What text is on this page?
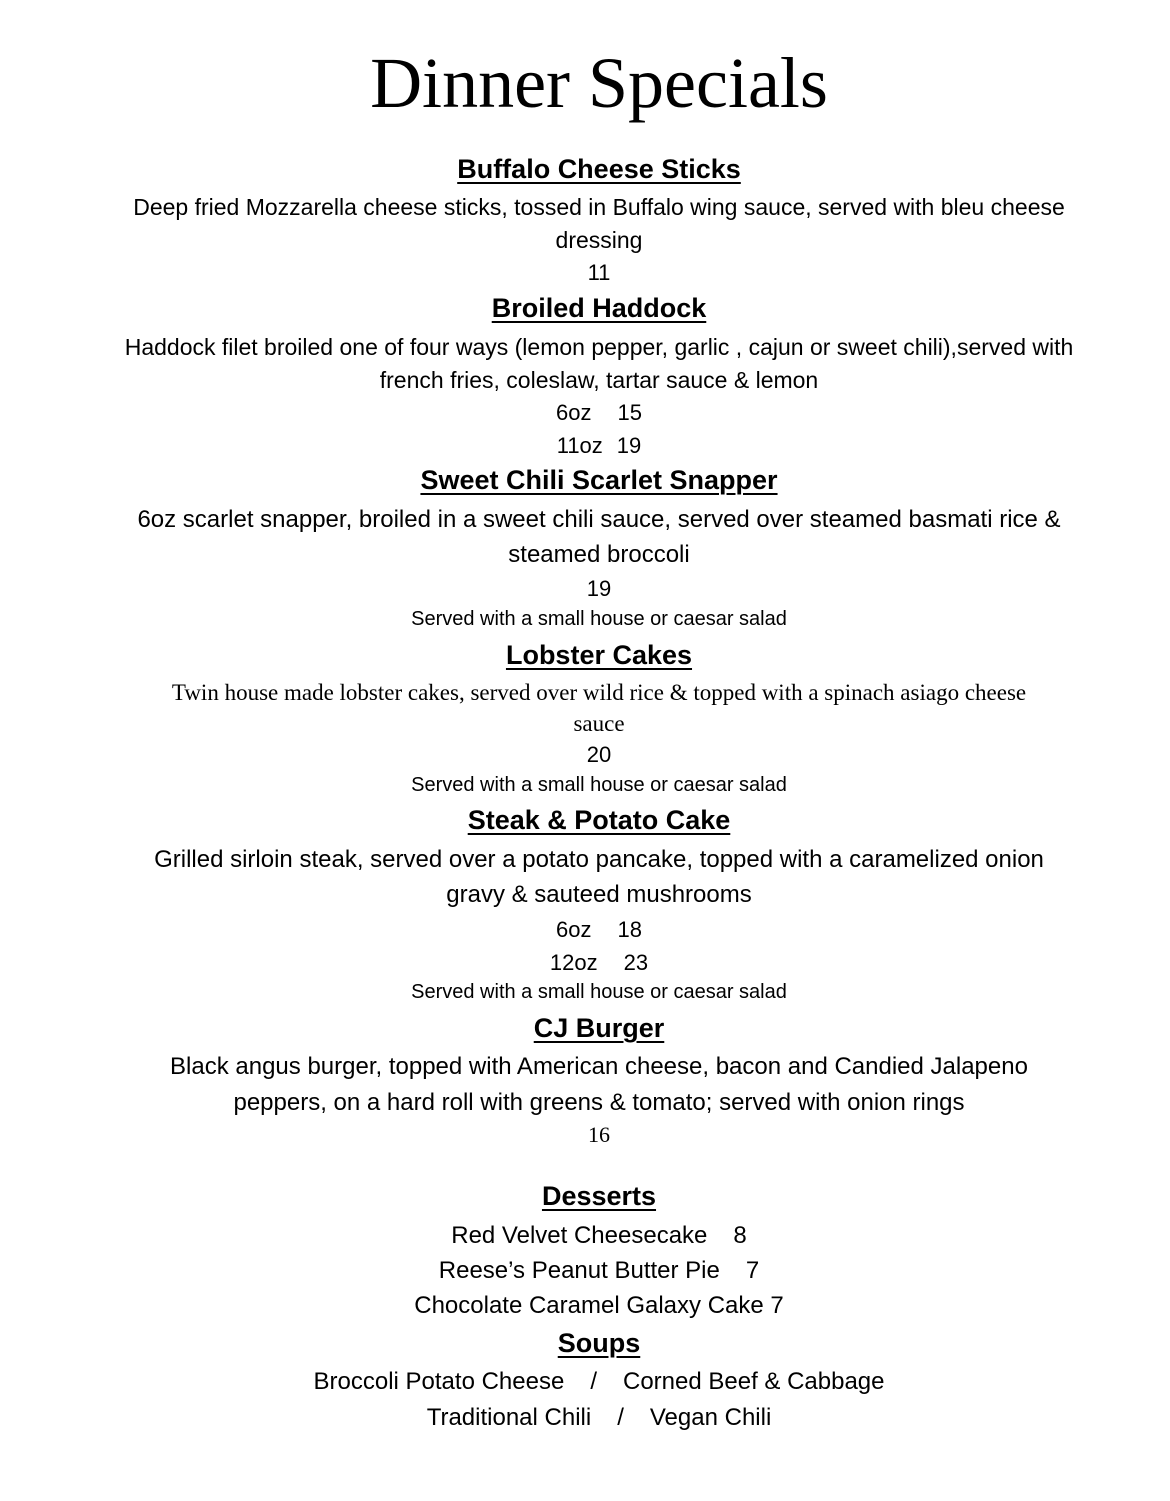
Dinner Specials
Buffalo Cheese Sticks
Deep fried Mozzarella cheese sticks, tossed in Buffalo wing sauce, served with bleu cheese
dressing
11
Broiled Haddock
Haddock filet broiled one of four ways (lemon pepper, garlic , cajun or sweet chili),served with
french fries, coleslaw, tartar sauce & lemon
6oz 15
11oz 19
Sweet Chili Scarlet Snapper
6oz scarlet snapper, broiled in a sweet chili sauce, served over steamed basmati rice &
steamed broccoli
19
Served with a small house or caesar salad
Lobster Cakes
Twin house made lobster cakes, served over wild rice & topped with a spinach asiago cheese
sauce
20
Served with a small house or caesar salad
Steak & Potato Cake
Grilled sirloin steak, served over a potato pancake, topped with a caramelized onion
gravy & sauteed mushrooms
6oz 18
12oz 23
Served with a small house or caesar salad
CJ Burger
Black angus burger, topped with American cheese, bacon and Candied Jalapeno
peppers, on a hard roll with greens & tomato; served with onion rings
16
Desserts
Red Velvet Cheesecake 8
Reese’s Peanut Butter Pie 7
Chocolate Caramel Galaxy Cake 7
Soups
Broccoli Potato Cheese / Corned Beef & Cabbage
Traditional Chili / Vegan Chili
